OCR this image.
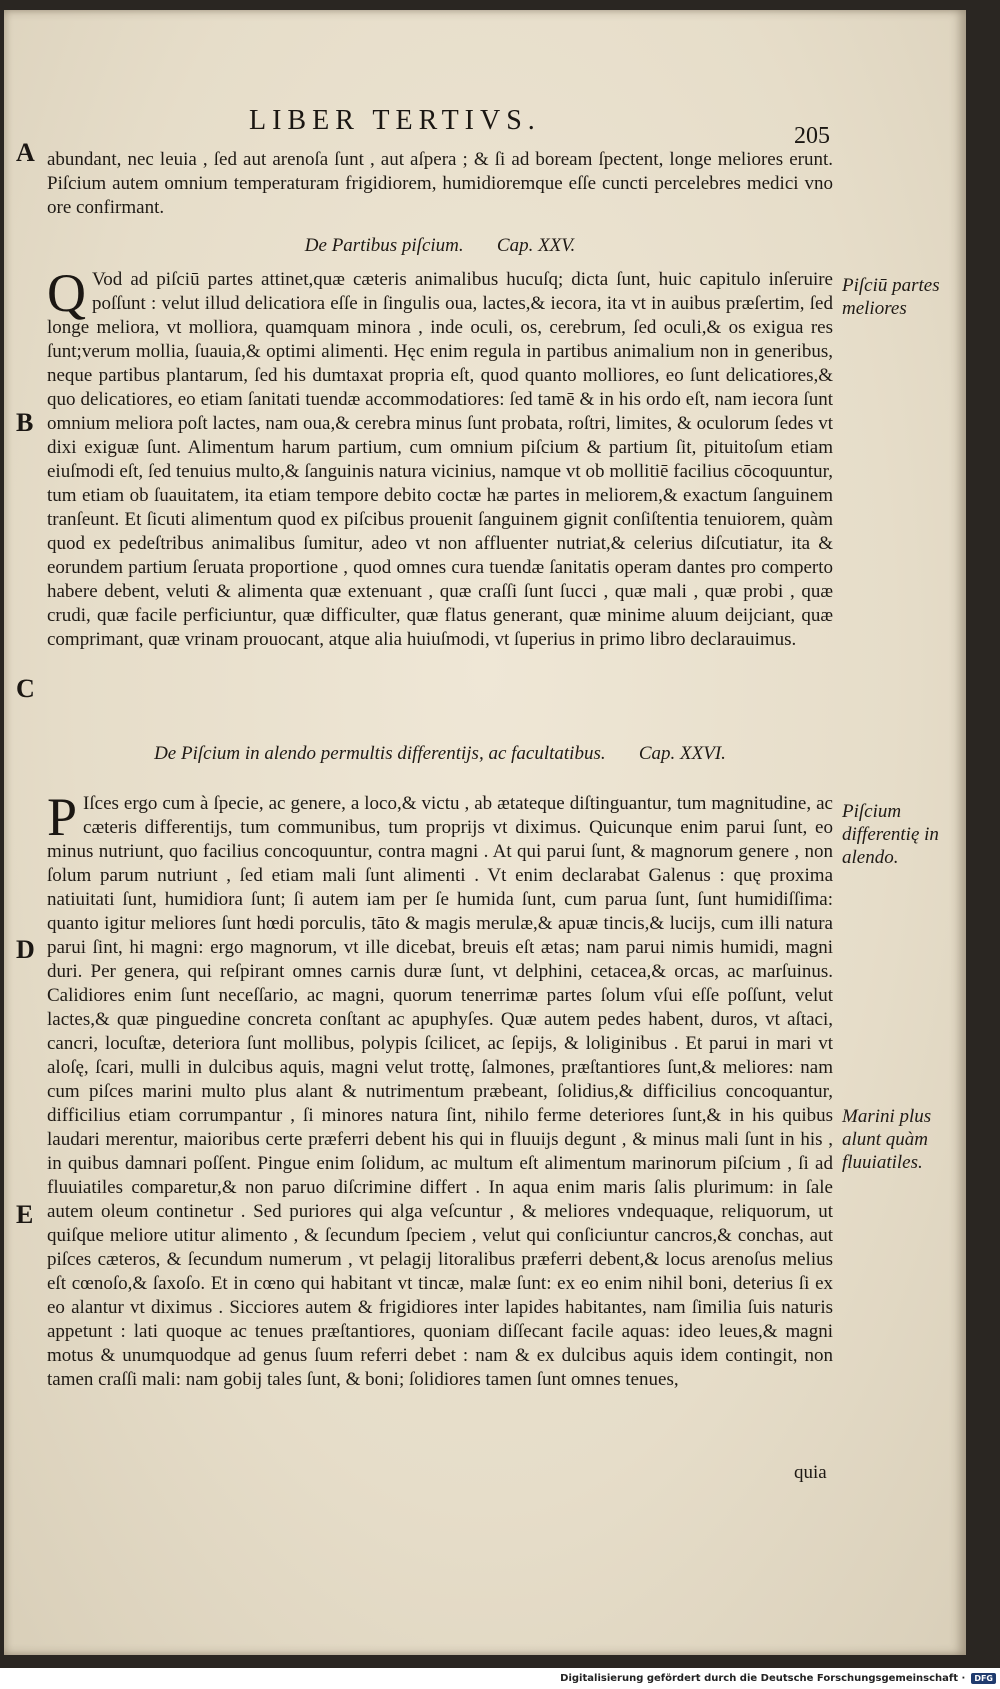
LIBER TERTIVS.	205
A
B
C
D
E

abundant, nec leuia , ſed aut arenoſa ſunt , aut aſpera ; & ſi ad boream ſpectent, longe meliores erunt. Piſcium autem omnium temperaturam frigidiorem, humidioremque eſſe cuncti percelebres medici vno ore confirmant.

De Partibus piſcium. Cap. XXV.

Q Vod ad piſciū partes attinet,quæ cæteris animalibus hucuſq; dicta ſunt, huic capitulo inſeruire poſſunt : velut illud delicatiora eſſe in ſingulis oua, lactes,& iecora, ita vt in auibus præſertim, ſed longe meliora, vt molliora, quamquam minora , inde oculi, os, cerebrum, ſed oculi,& os exigua res ſunt;verum mollia, ſuauia,& optimi alimenti. Hęc enim regula in partibus animalium non in generibus, neque partibus plantarum, ſed his dumtaxat propria eſt, quod quanto molliores, eo ſunt delicatiores,& quo delicatiores, eo etiam ſanitati tuendæ accommodatiores: ſed tamē & in his ordo eſt, nam iecora ſunt omnium meliora poſt lactes, nam oua,& cerebra minus ſunt probata, roſtri, limites, & oculorum ſedes vt dixi exiguæ ſunt. Alimentum harum partium, cum omnium piſcium & partium ſit, pituitoſum etiam eiuſmodi eſt, ſed tenuius multo,& ſanguinis natura vicinius, namque vt ob mollitiē facilius cōcoquuntur, tum etiam ob ſuauitatem, ita etiam tempore debito coctæ hæ partes in meliorem,& exactum ſanguinem tranſeunt. Et ſicuti alimentum quod ex piſcibus prouenit ſanguinem gignit conſiſtentia tenuiorem, quàm quod ex pedeſtribus animalibus ſumitur, adeo vt non affluenter nutriat,& celerius diſcutiatur, ita & eorundem partium ſeruata proportione , quod omnes cura tuendæ ſanitatis operam dantes pro comperto habere debent, veluti & alimenta quæ extenuant , quæ craſſi ſunt ſucci , quæ mali , quæ probi , quæ crudi, quæ facile perficiuntur, quæ difficulter, quæ flatus generant, quæ minime aluum deijciant, quæ comprimant, quæ vrinam prouocant, atque alia huiuſmodi, vt ſuperius in primo libro declarauimus.

Piſciū partes meliores
De Piſcium in alendo permultis differentijs, ac facultatibus. Cap. XXVI.

P Iſces ergo cum à ſpecie, ac genere, a loco,& victu , ab ætateque diſtinguantur, tum magnitudine, ac cæteris differentijs, tum communibus, tum proprijs vt diximus. Quicunque enim parui ſunt, eo minus nutriunt, quo facilius concoquuntur, contra magni . At qui parui ſunt, & magnorum genere , non ſolum parum nutriunt , ſed etiam mali ſunt alimenti . Vt enim declarabat Galenus : quę proxima natiuitati ſunt, humidiora ſunt; ſi autem iam per ſe humida ſunt, cum parua ſunt, ſunt humidiſſima: quanto igitur meliores ſunt hœdi porculis, tāto & magis merulæ,& apuæ tincis,& lucijs, cum illi natura parui ſint, hi magni: ergo magnorum, vt ille dicebat, breuis eſt ætas; nam parui nimis humidi, magni duri. Per genera, qui reſpirant omnes carnis duræ ſunt, vt delphini, cetacea,& orcas, ac marſuinus. Calidiores enim ſunt neceſſario, ac magni, quorum tenerrimæ partes ſolum vſui eſſe poſſunt, velut lactes,& quæ pinguedine concreta conſtant ac apuphyſes. Quæ autem pedes habent, duros, vt aſtaci, cancri, locuſtæ, deteriora ſunt mollibus, polypis ſcilicet, ac ſepijs, & loliginibus . Et parui in mari vt aloſę, ſcari, mulli in dulcibus aquis, magni velut trottę, ſalmones, præſtantiores ſunt,& meliores: nam cum piſces marini multo plus alant & nutrimentum præbeant, ſolidius,& difficilius concoquantur, difficilius etiam corrumpantur , ſi minores natura ſint, nihilo ferme deteriores ſunt,& in his quibus laudari merentur, maioribus certe præferri debent his qui in fluuijs degunt , & minus mali ſunt in his , in quibus damnari poſſent. Pingue enim ſolidum, ac multum eſt alimentum marinorum piſcium , ſi ad fluuiatiles comparetur,& non paruo diſcrimine differt . In aqua enim maris ſalis plurimum: in ſale autem oleum continetur . Sed puriores qui alga veſcuntur , & meliores vndequaque, reliquorum, ut quiſque meliore utitur alimento , & ſecundum ſpeciem , velut qui conſiciuntur cancros,& conchas, aut piſces cæteros, & ſecundum numerum , vt pelagij litoralibus præferri debent,& locus arenoſus melius eſt cœnoſo,& ſaxoſo. Et in cœno qui habitant vt tincæ, malæ ſunt: ex eo enim nihil boni, deterius ſi ex eo alantur vt diximus . Sicciores autem & frigidiores inter lapides habitantes, nam ſimilia ſuis naturis appetunt : lati quoque ac tenues præſtantiores, quoniam diſſecant facile aquas: ideo leues,& magni motus & unumquodque ad genus ſuum referri debet : nam & ex dulcibus aquis idem contingit, non tamen craſſi mali: nam gobij tales ſunt, & boni; ſolidiores tamen ſunt omnes tenues,

Piſcium differentię in alendo.
Marini plus alunt quàm fluuiatiles.
quia
Digitalisierung gefördert durch die Deutsche Forschungsgemeinschaft · DFG
